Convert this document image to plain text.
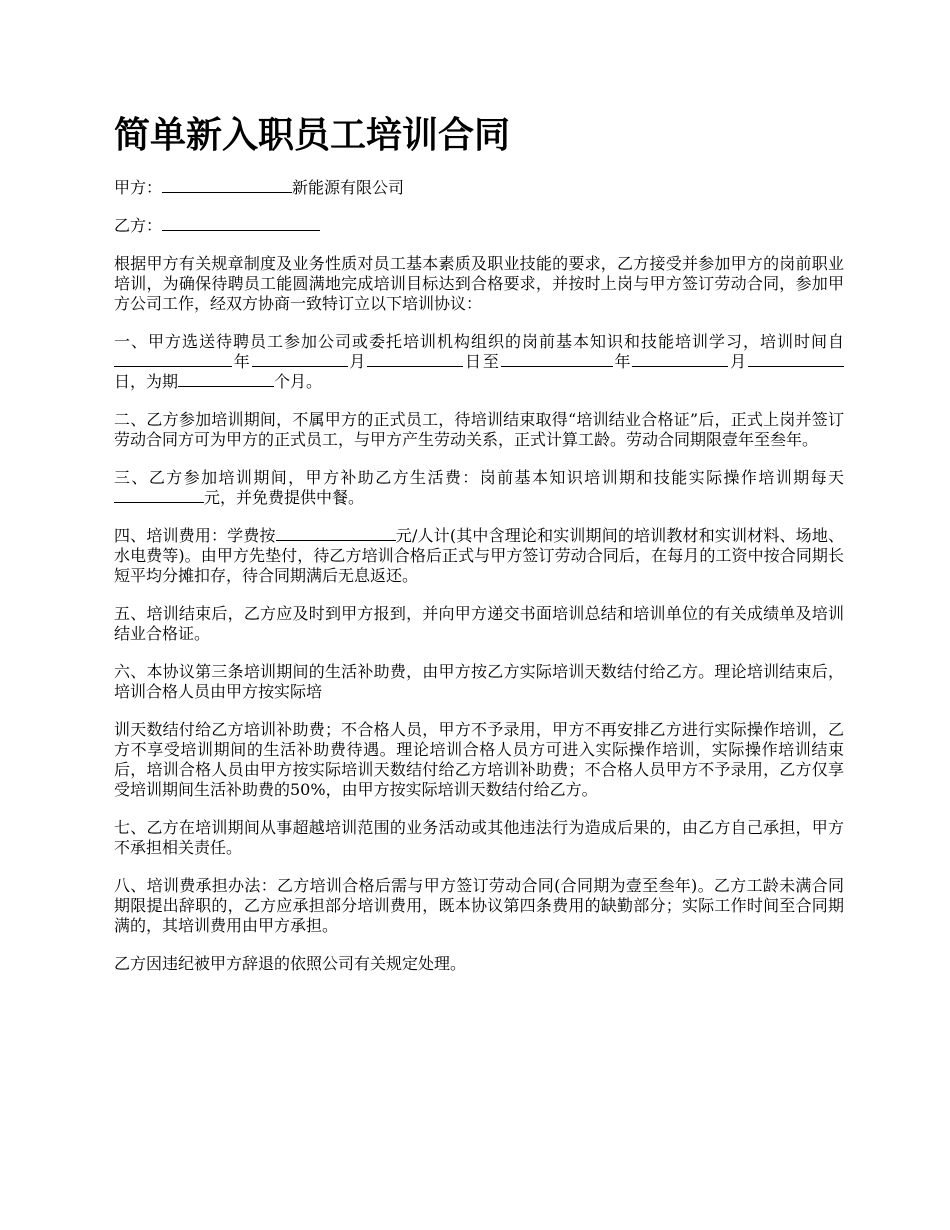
简单新入职员工培训合同

甲方：	新能源有限公司

乙方：

根据甲方有关规章制度及业务性质对员工基本素质及职业技能的要求，乙方接受并参加甲方的岗前职业培训，为确保待聘员工能圆满地完成培训目标达到合格要求，并按时上岗与甲方签订劳动合同，参加甲方公司工作，经双方协商一致特订立以下培训协议：

一、甲方选送待聘员工参加公司或委托培训机构组织的岗前基本知识和技能培训学习，培训时间自年	月	日至	年	月日，为期	个月。

二、乙方参加培训期间，不属甲方的正式员工，待培训结束取得“培训结业合格证”后，正式上岗并签订劳动合同方可为甲方的正式员工，与甲方产生劳动关系，正式计算工龄。劳动合同期限壹年至叁年。

三、乙方参加培训期间，甲方补助乙方生活费：岗前基本知识培训期和技能实际操作培训期每天元，并免费提供中餐。

四、培训费用：学费按	元/人计(其中含理论和实训期间的培训教材和实训材料、场地、水电费等)。由甲方先垫付，待乙方培训合格后正式与甲方签订劳动合同后，在每月的工资中按合同期长短平均分摊扣存，待合同期满后无息返还。

五、培训结束后，乙方应及时到甲方报到，并向甲方递交书面培训总结和培训单位的有关成绩单及培训结业合格证。

六、本协议第三条培训期间的生活补助费，由甲方按乙方实际培训天数结付给乙方。理论培训结束后，培训合格人员由甲方按实际培

训天数结付给乙方培训补助费；不合格人员，甲方不予录用，甲方不再安排乙方进行实际操作培训，乙方不享受培训期间的生活补助费待遇。理论培训合格人员方可进入实际操作培训，实际操作培训结束后，培训合格人员由甲方按实际培训天数结付给乙方培训补助费；不合格人员甲方不予录用，乙方仅享受培训期间生活补助费的50%，由甲方按实际培训天数结付给乙方。

七、乙方在培训期间从事超越培训范围的业务活动或其他违法行为造成后果的，由乙方自己承担，甲方不承担相关责任。

八、培训费承担办法：乙方培训合格后需与甲方签订劳动合同(合同期为壹至叁年)。乙方工龄未满合同期限提出辞职的，乙方应承担部分培训费用，既本协议第四条费用的缺勤部分；实际工作时间至合同期满的，其培训费用由甲方承担。

乙方因违纪被甲方辞退的依照公司有关规定处理。
